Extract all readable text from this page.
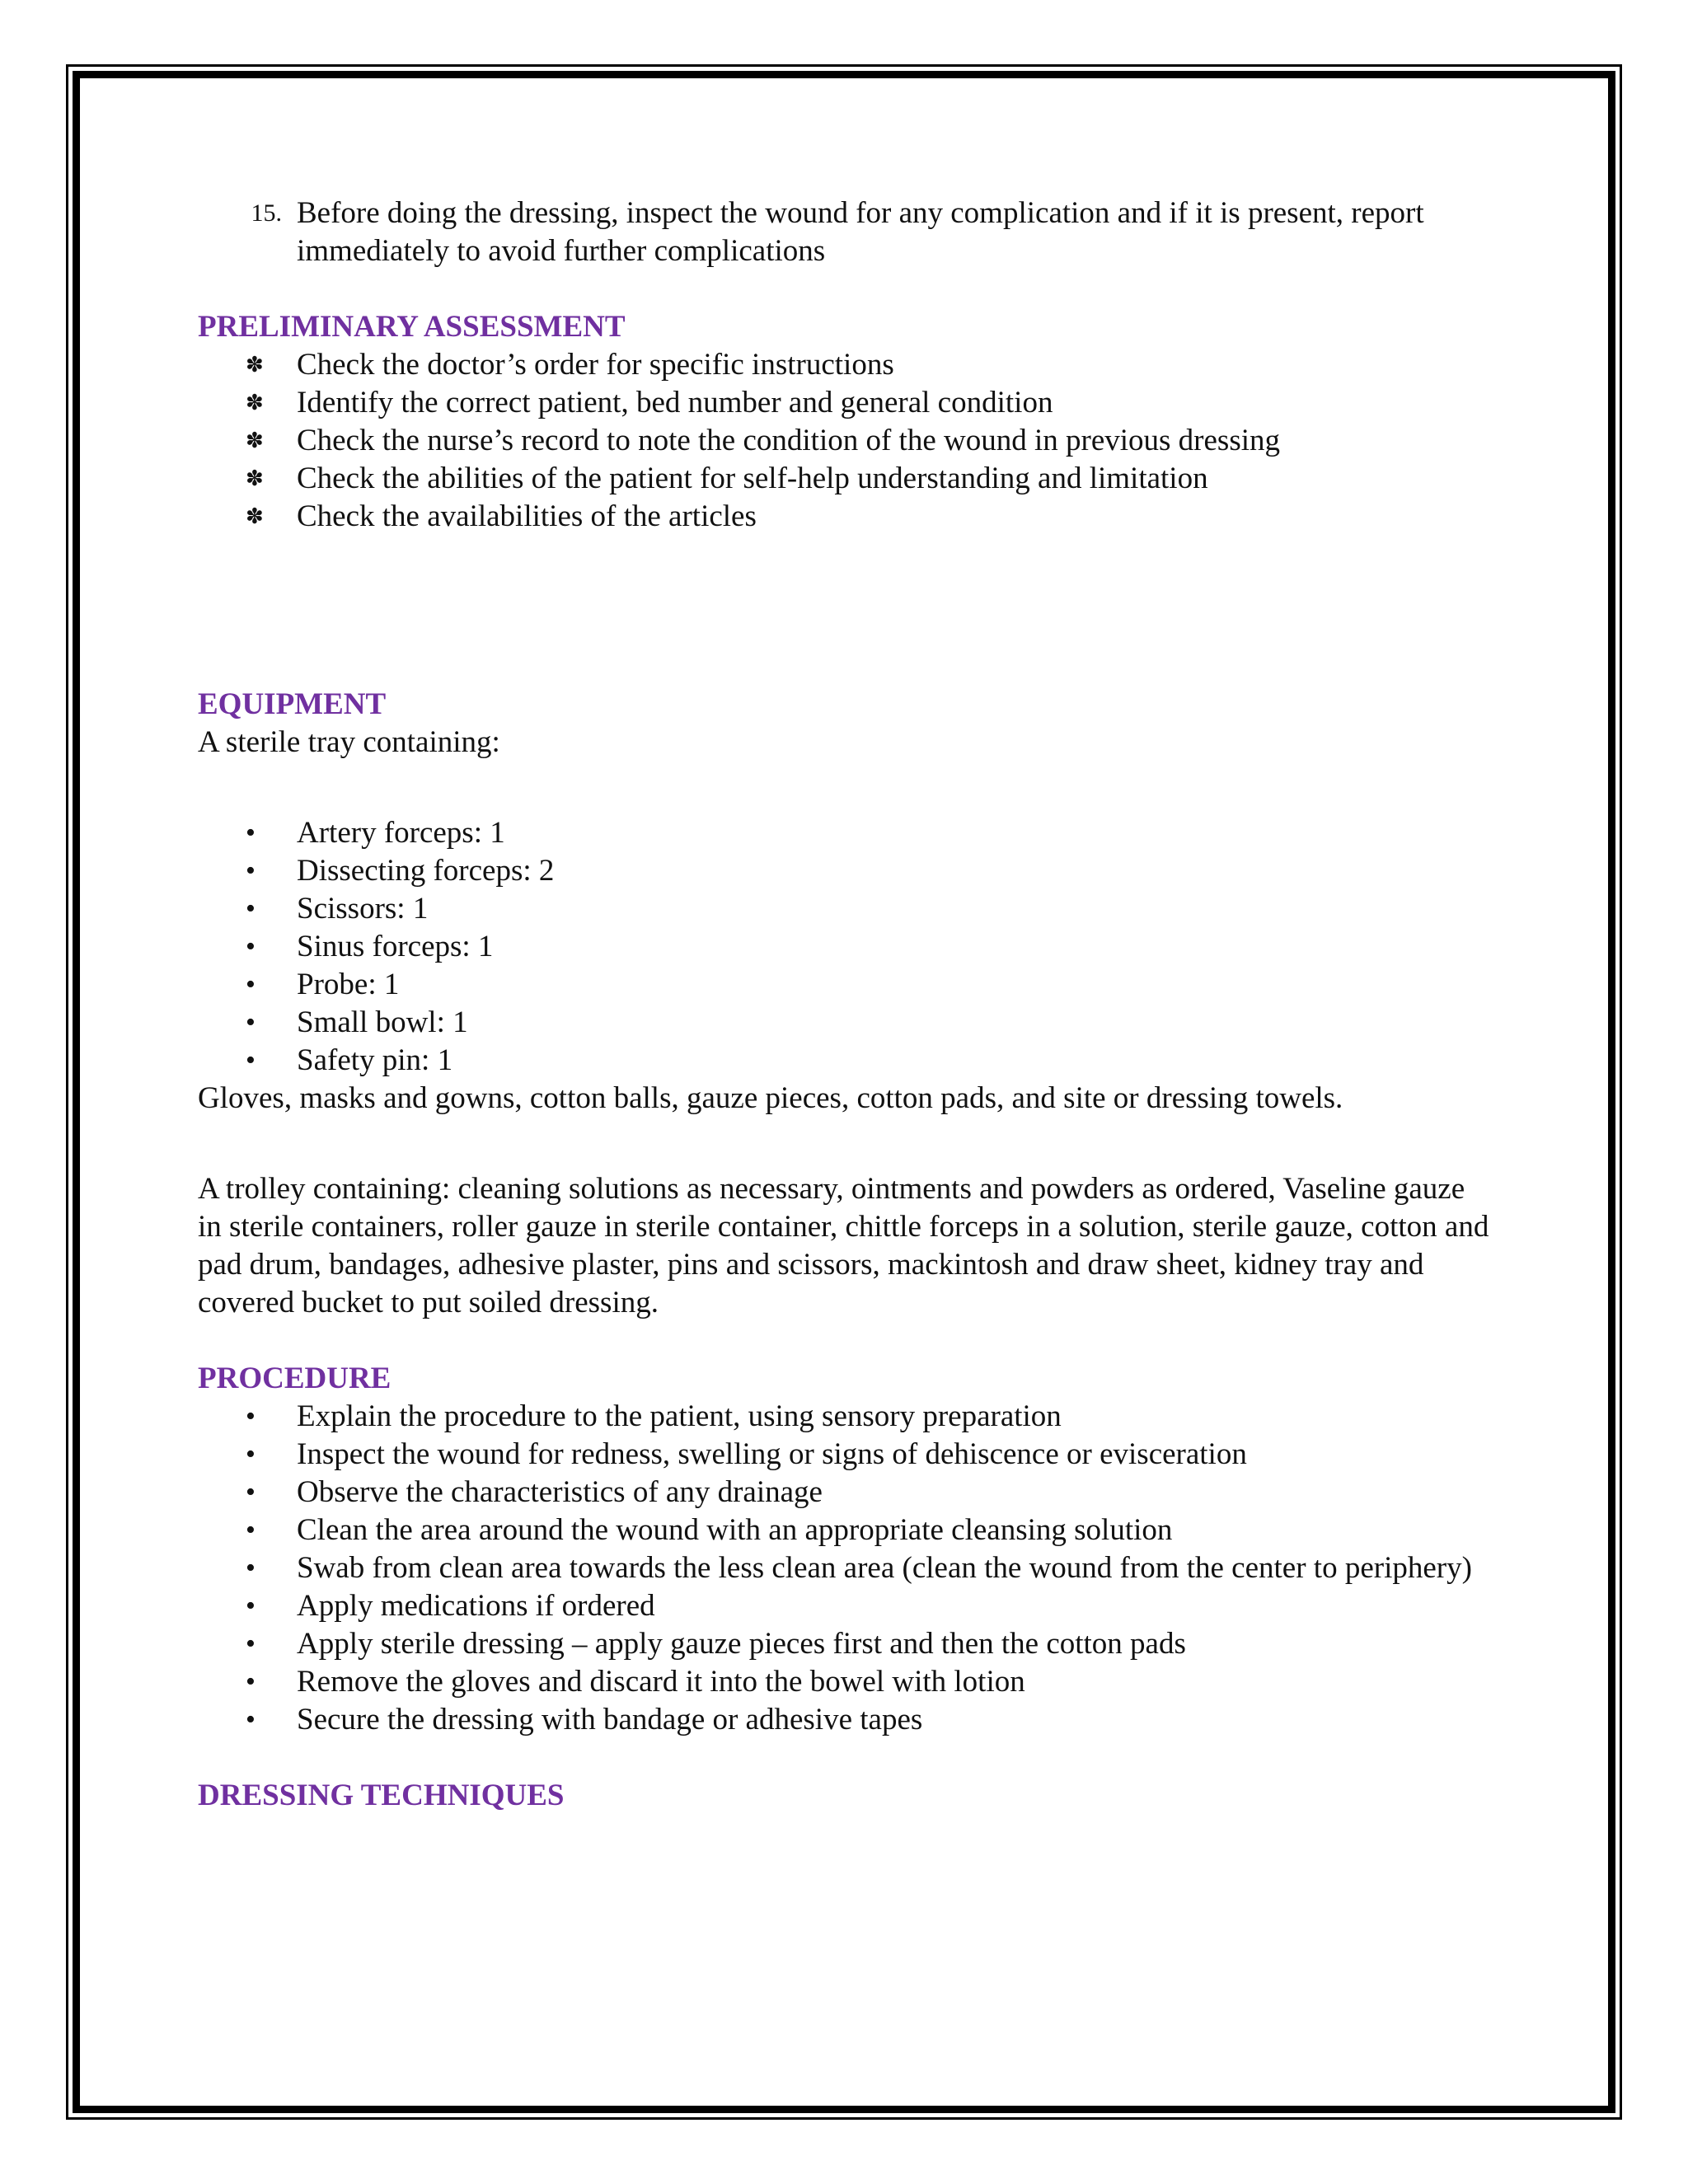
15. Before doing the dressing, inspect the wound for any complication and if it is present, report immediately to avoid further complications
PRELIMINARY ASSESSMENT
✽ Check the doctor’s order for specific instructions
✽ Identify the correct patient, bed number and general condition
✽ Check the nurse’s record to note the condition of the wound in previous dressing
✽ Check the abilities of the patient for self-help understanding and limitation
✽ Check the availabilities of the articles
EQUIPMENT

A sterile tray containing:

• Artery forceps: 1
• Dissecting forceps: 2
• Scissors: 1
• Sinus forceps: 1
• Probe: 1
• Small bowl: 1
• Safety pin: 1

Gloves, masks and gowns, cotton balls, gauze pieces, cotton pads, and site or dressing towels.

A trolley containing: cleaning solutions as necessary, ointments and powders as ordered, Vaseline gauze in sterile containers, roller gauze in sterile container, chittle forceps in a solution, sterile gauze, cotton and pad drum, bandages, adhesive plaster, pins and scissors, mackintosh and draw sheet, kidney tray and covered bucket to put soiled dressing.

PROCEDURE
• Explain the procedure to the patient, using sensory preparation
• Inspect the wound for redness, swelling or signs of dehiscence or evisceration
• Observe the characteristics of any drainage
• Clean the area around the wound with an appropriate cleansing solution
• Swab from clean area towards the less clean area (clean the wound from the center to periphery)
• Apply medications if ordered
• Apply sterile dressing – apply gauze pieces first and then the cotton pads
• Remove the gloves and discard it into the bowel with lotion
• Secure the dressing with bandage or adhesive tapes
DRESSING TECHNIQUES
